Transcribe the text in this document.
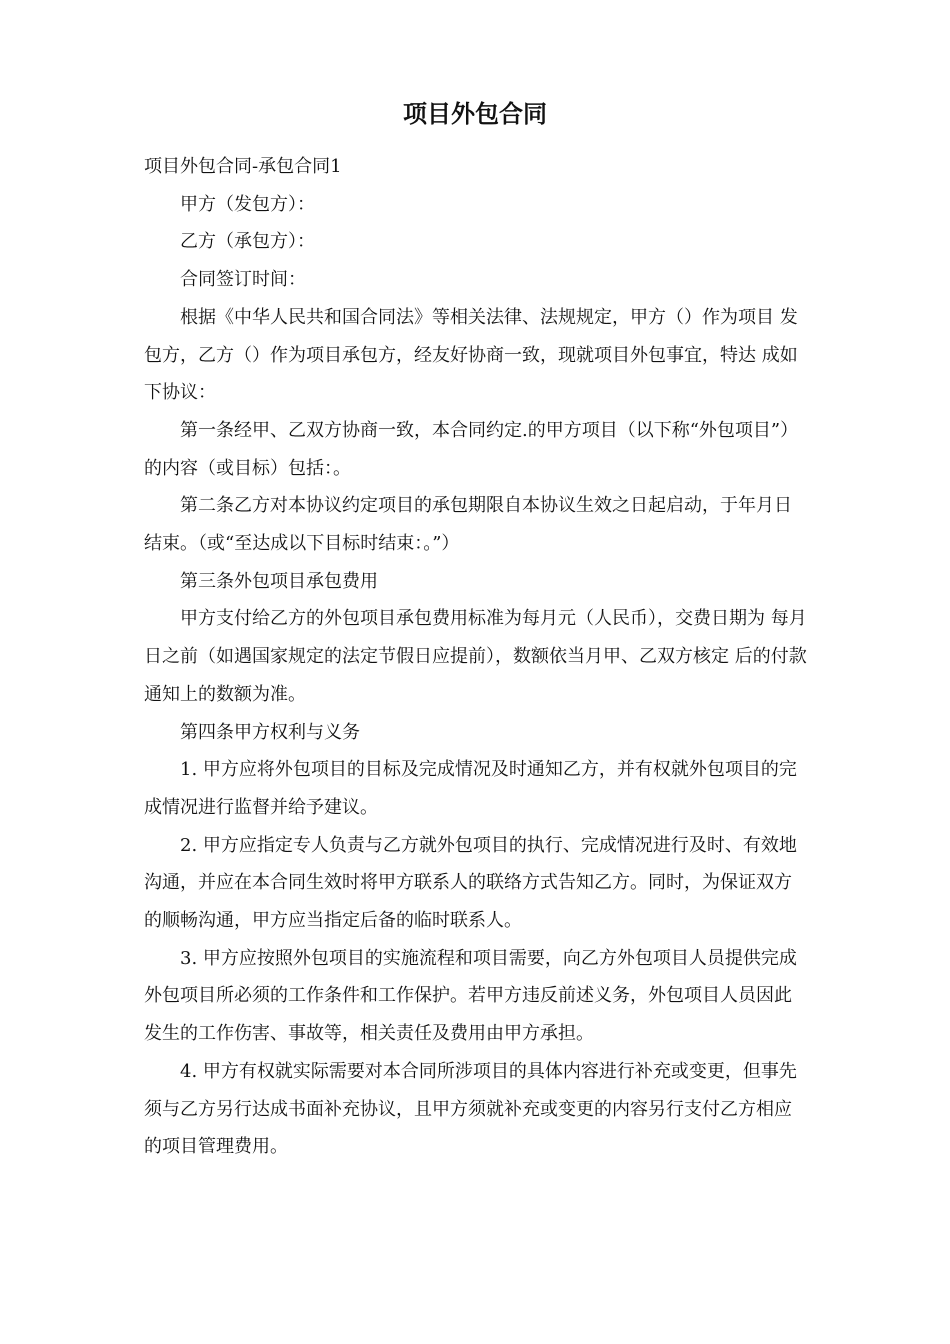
项目外包合同

项目外包合同-承包合同1

甲方（发包方）：

乙方（承包方）：

合同签订时间：

根据《中华人民共和国合同法》等相关法律、法规规定，甲方（）作为项目 发包方，乙方（）作为项目承包方，经友好协商一致，现就项目外包事宜，特达 成如下协议：

第一条经甲、乙双方协商一致，本合同约定.的甲方项目（以下称“外包项目”）的内容（或目标）包括：。

第二条乙方对本协议约定项目的承包期限自本协议生效之日起启动，于年月日结束。（或“至达成以下目标时结束：。”）

第三条外包项目承包费用

甲方支付给乙方的外包项目承包费用标准为每月元（人民币），交费日期为 每月日之前（如遇国家规定的法定节假日应提前），数额依当月甲、乙双方核定 后的付款通知上的数额为准。

第四条甲方权利与义务

1. 甲方应将外包项目的目标及完成情况及时通知乙方，并有权就外包项目的完成情况进行监督并给予建议。

2. 甲方应指定专人负责与乙方就外包项目的执行、完成情况进行及时、有效地沟通，并应在本合同生效时将甲方联系人的联络方式告知乙方。同时，为保证双方的顺畅沟通，甲方应当指定后备的临时联系人。

3. 甲方应按照外包项目的实施流程和项目需要，向乙方外包项目人员提供完成外包项目所必须的工作条件和工作保护。若甲方违反前述义务，外包项目人员因此发生的工作伤害、事故等，相关责任及费用由甲方承担。

4. 甲方有权就实际需要对本合同所涉项目的具体内容进行补充或变更，但事先须与乙方另行达成书面补充协议，且甲方须就补充或变更的内容另行支付乙方相应的项目管理费用。
